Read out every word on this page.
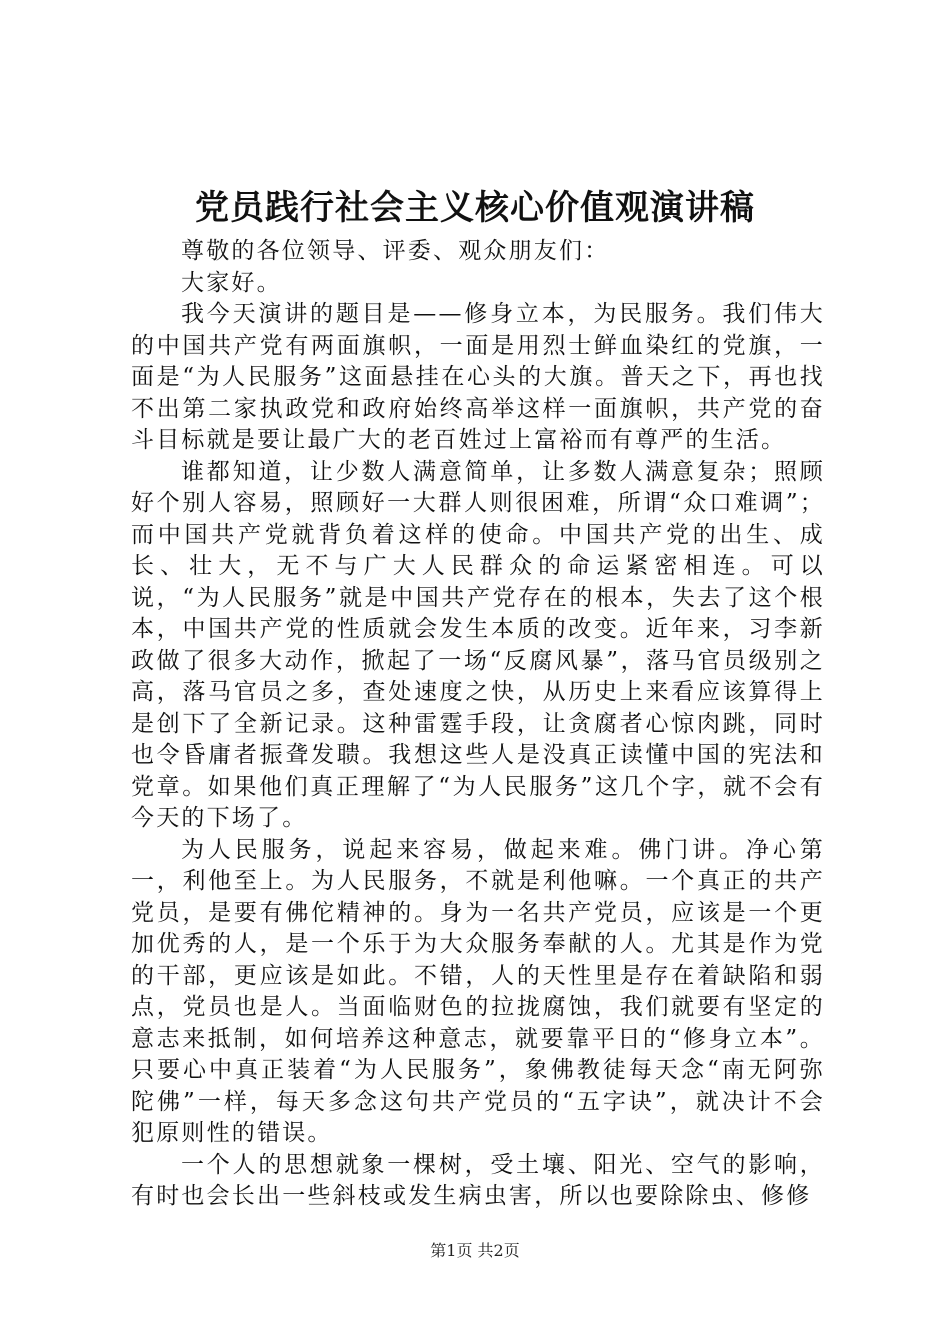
党员践行社会主义核心价值观演讲稿

尊敬的各位领导、评委、观众朋友们：

大家好。

我今天演讲的题目是——修身立本，为民服务。我们伟大的中国共产党有两面旗帜，一面是用烈士鲜血染红的党旗，一面是“为人民服务”这面悬挂在心头的大旗。普天之下，再也找不出第二家执政党和政府始终高举这样一面旗帜，共产党的奋斗目标就是要让最广大的老百姓过上富裕而有尊严的生活。

谁都知道，让少数人满意简单，让多数人满意复杂；照顾好个别人容易，照顾好一大群人则很困难，所谓“众口难调”；而中国共产党就背负着这样的使命。中国共产党的出生、成长、壮大，无不与广大人民群众的命运紧密相连。可以说，“为人民服务”就是中国共产党存在的根本，失去了这个根本，中国共产党的性质就会发生本质的改变。近年来，习李新政做了很多大动作，掀起了一场“反腐风暴”，落马官员级别之高，落马官员之多，查处速度之快，从历史上来看应该算得上是创下了全新记录。这种雷霆手段，让贪腐者心惊肉跳，同时也令昏庸者振聋发聩。我想这些人是没真正读懂中国的宪法和党章。如果他们真正理解了“为人民服务”这几个字，就不会有今天的下场了。

为人民服务，说起来容易，做起来难。佛门讲。净心第一，利他至上。为人民服务，不就是利他嘛。一个真正的共产党员，是要有佛佗精神的。身为一名共产党员，应该是一个更加优秀的人，是一个乐于为大众服务奉献的人。尤其是作为党的干部，更应该是如此。不错，人的天性里是存在着缺陷和弱点，党员也是人。当面临财色的拉拢腐蚀，我们就要有坚定的意志来抵制，如何培养这种意志，就要靠平日的“修身立本”。只要心中真正装着“为人民服务”，象佛教徒每天念“南无阿弥陀佛”一样，每天多念这句共产党员的“五字诀”，就决计不会犯原则性的错误。

一个人的思想就象一棵树，受土壤、阳光、空气的影响，有时也会长出一些斜枝或发生病虫害，所以也要除除虫、修修

第1页 共2页
